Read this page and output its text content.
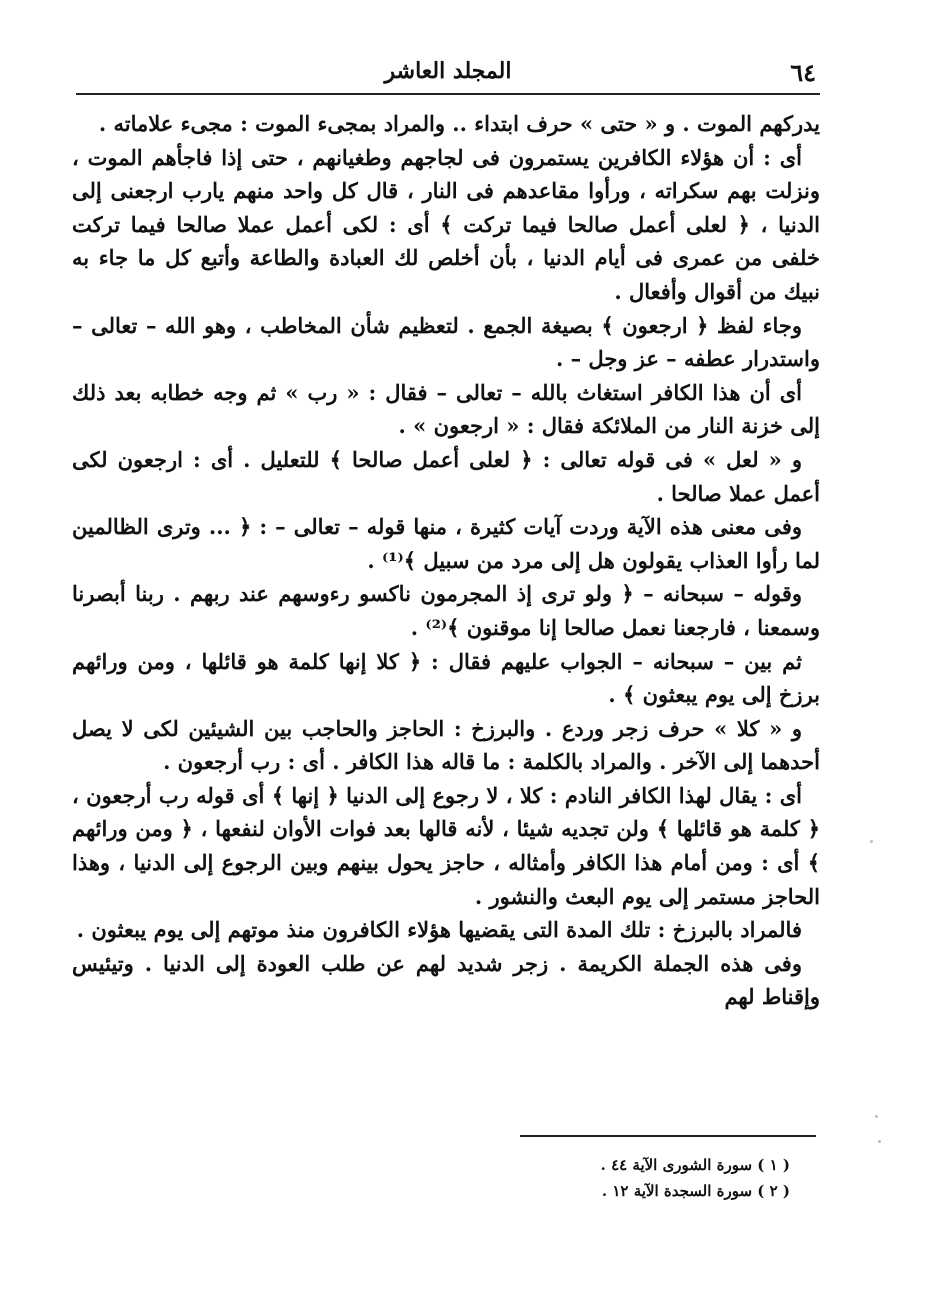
٦٤
المجلد العاشر

يدركهم الموت . و « حتى » حرف ابتداء .. والمراد بمجىء الموت : مجىء علاماته .

أى : أن هؤلاء الكافرين يستمرون فى لجاجهم وطغيانهم ، حتى إذا فاجأهم الموت ، ونزلت بهم سكراته ، ورأوا مقاعدهم فى النار ، قال كل واحد منهم يارب ارجعنى إلى الدنيا ، ﴿ لعلى أعمل صالحا فيما تركت ﴾ أى : لكى أعمل عملا صالحا فيما تركت خلفى من عمرى فى أيام الدنيا ، بأن أخلص لك العبادة والطاعة وأتبع كل ما جاء به نبيك من أقوال وأفعال .

وجاء لفظ ﴿ ارجعون ﴾ بصيغة الجمع . لتعظيم شأن المخاطب ، وهو الله – تعالى – واستدرار عطفه – عز وجل – .

أى أن هذا الكافر استغاث بالله – تعالى – فقال : « رب » ثم وجه خطابه بعد ذلك إلى خزنة النار من الملائكة فقال : « ارجعون » .

و « لعل » فى قوله تعالى : ﴿ لعلى أعمل صالحا ﴾ للتعليل . أى : ارجعون لكى أعمل عملا صالحا .

وفى معنى هذه الآية وردت آيات كثيرة ، منها قوله – تعالى – : ﴿ ... وترى الظالمين لما رأوا العذاب يقولون هل إلى مرد من سبيل ﴾⁽¹⁾ .

وقوله – سبحانه – ﴿ ولو ترى إذ المجرمون ناكسو رءوسهم عند ربهم . ربنا أبصرنا وسمعنا ، فارجعنا نعمل صالحا إنا موقنون ﴾⁽²⁾ .

ثم بين – سبحانه – الجواب عليهم فقال : ﴿ كلا إنها كلمة هو قائلها ، ومن ورائهم برزخ إلى يوم يبعثون ﴾ .

و « كلا » حرف زجر وردع . والبرزخ : الحاجز والحاجب بين الشيئين لكى لا يصل أحدهما إلى الآخر . والمراد بالكلمة : ما قاله هذا الكافر . أى : رب أرجعون .

أى : يقال لهذا الكافر النادم : كلا ، لا رجوع إلى الدنيا ﴿ إنها ﴾ أى قوله رب أرجعون ، ﴿ كلمة هو قائلها ﴾ ولن تجديه شيئا ، لأنه قالها بعد فوات الأوان لنفعها ، ﴿ ومن ورائهم ﴾ أى : ومن أمام هذا الكافر وأمثاله ، حاجز يحول بينهم وبين الرجوع إلى الدنيا ، وهذا الحاجز مستمر إلى يوم البعث والنشور .

فالمراد بالبرزخ : تلك المدة التى يقضيها هؤلاء الكافرون منذ موتهم إلى يوم يبعثون .

وفى هذه الجملة الكريمة . زجر شديد لهم عن طلب العودة إلى الدنيا . وتيئيس وإقناط لهم

( ١ ) سورة الشورى الآية ٤٤ .

( ٢ ) سورة السجدة الآية ١٢ .
